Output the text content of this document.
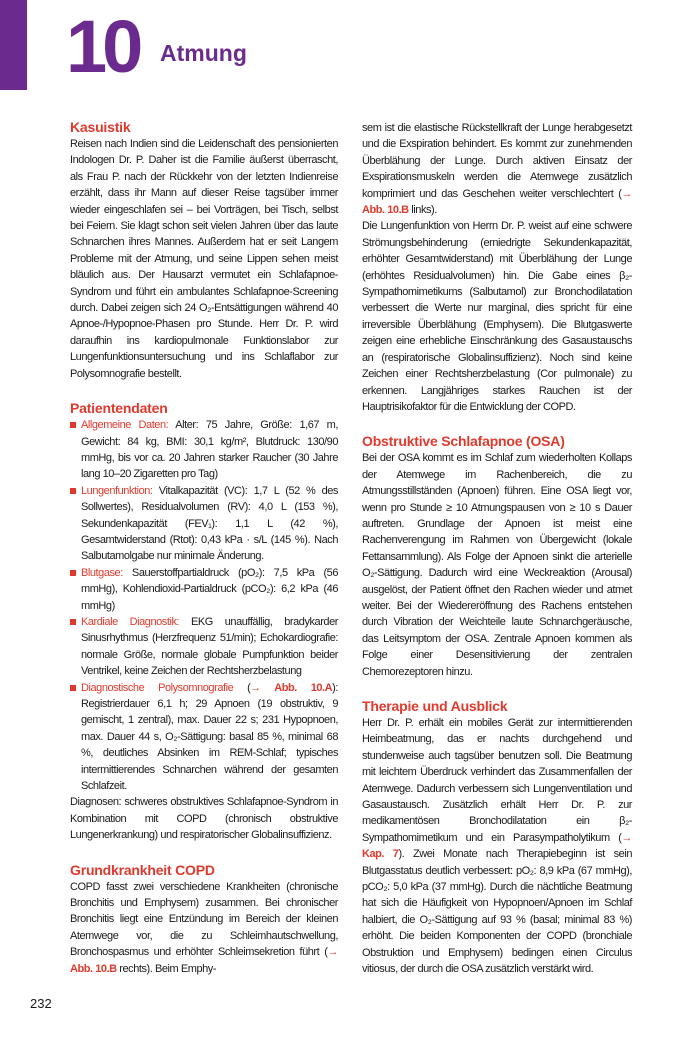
10 Atmung
Kasuistik

Reisen nach Indien sind die Leidenschaft des pensionierten Indologen Dr. P. Daher ist die Familie äußerst überrascht, als Frau P. nach der Rückkehr von der letzten Indienreise erzählt, dass ihr Mann auf dieser Reise tagsüber immer wieder eingeschlafen sei – bei Vorträgen, bei Tisch, selbst bei Feiern. Sie klagt schon seit vielen Jahren über das laute Schnarchen ihres Mannes. Außerdem hat er seit Langem Probleme mit der Atmung, und seine Lippen sehen meist bläulich aus. Der Hausarzt vermutet ein Schlafapnoe-Syndrom und führt ein ambulantes Schlafapnoe-Screening durch. Dabei zeigen sich 24 O₂-Entsättigungen während 40 Apnoe-/Hypopnoe-Phasen pro Stunde. Herr Dr. P. wird daraufhin ins kardiopulmonale Funktionslabor zur Lungenfunktionsuntersuchung und ins Schlaflabor zur Polysomnografie bestellt.

Patientendaten
Allgemeine Daten: Alter: 75 Jahre, Größe: 1,67 m, Gewicht: 84 kg, BMI: 30,1 kg/m², Blutdruck: 130/90 mmHg, bis vor ca. 20 Jahren starker Raucher (30 Jahre lang 10–20 Zigaretten pro Tag)
Lungenfunktion: Vitalkapazität (VC): 1,7 L (52 % des Sollwertes), Residualvolumen (RV): 4,0 L (153 %), Sekundenkapazität (FEV₁): 1,1 L (42 %), Gesamtwiderstand (Rtot): 0,43 kPa · s/L (145 %). Nach Salbutamolgabe nur minimale Änderung.
Blutgase: Sauerstoffpartialdruck (pO₂): 7,5 kPa (56 mmHg), Kohlendioxid-Partialdruck (pCO₂): 6,2 kPa (46 mmHg)
Kardiale Diagnostik: EKG unauffällig, bradykarder Sinusrhythmus (Herzfrequenz 51/min); Echokardiografie: normale Größe, normale globale Pumpfunktion beider Ventrikel, keine Zeichen der Rechtsherzbelastung
Diagnostische Polysomnografie (→ Abb. 10.A): Registrierdauer 6,1 h; 29 Apnoen (19 obstruktiv, 9 gemischt, 1 zentral), max. Dauer 22 s; 231 Hypopnoen, max. Dauer 44 s, O₂-Sättigung: basal 85 %, minimal 68 %, deutliches Absinken im REM-Schlaf; typisches intermittierendes Schnarchen während der gesamten Schlafzeit.

Diagnosen: schweres obstruktives Schlafapnoe-Syndrom in Kombination mit COPD (chronisch obstruktive Lungenerkrankung) und respiratorischer Globalinsuffizienz.

Grundkrankheit COPD

COPD fasst zwei verschiedene Krankheiten (chronische Bronchitis und Emphysem) zusammen. Bei chronischer Bronchitis liegt eine Entzündung im Bereich der kleinen Atemwege vor, die zu Schleimhautschwellung, Bronchospasmus und erhöhter Schleimsekretion führt (→ Abb. 10.B rechts). Beim Emphy-

sem ist die elastische Rückstellkraft der Lunge herabgesetzt und die Exspiration behindert. Es kommt zur zunehmenden Überblähung der Lunge. Durch aktiven Einsatz der Exspirationsmuskeln werden die Atemwege zusätzlich komprimiert und das Geschehen weiter verschlechtert (→ Abb. 10.B links).

Die Lungenfunktion von Herrn Dr. P. weist auf eine schwere Strömungsbehinderung (erniedrigte Sekundenkapazität, erhöhter Gesamtwiderstand) mit Überblähung der Lunge (erhöhtes Residualvolumen) hin. Die Gabe eines β₂-Sympathomimetikums (Salbutamol) zur Bronchodilatation verbessert die Werte nur marginal, dies spricht für eine irreversible Überblähung (Emphysem). Die Blutgaswerte zeigen eine erhebliche Einschränkung des Gasaustauschs an (respiratorische Globalinsuffizienz). Noch sind keine Zeichen einer Rechtsherzbelastung (Cor pulmonale) zu erkennen. Langjähriges starkes Rauchen ist der Hauptrisikofaktor für die Entwicklung der COPD.

Obstruktive Schlafapnoe (OSA)

Bei der OSA kommt es im Schlaf zum wiederholten Kollaps der Atemwege im Rachenbereich, die zu Atmungsstillständen (Apnoen) führen. Eine OSA liegt vor, wenn pro Stunde ≥ 10 Atmungspausen von ≥ 10 s Dauer auftreten. Grundlage der Apnoen ist meist eine Rachenverengung im Rahmen von Übergewicht (lokale Fettansammlung). Als Folge der Apnoen sinkt die arterielle O₂-Sättigung. Dadurch wird eine Weckreaktion (Arousal) ausgelöst, der Patient öffnet den Rachen wieder und atmet weiter. Bei der Wiedereröffnung des Rachens entstehen durch Vibration der Weichteile laute Schnarchgeräusche, das Leitsymptom der OSA. Zentrale Apnoen kommen als Folge einer Desensitivierung der zentralen Chemorezeptoren hinzu.

Therapie und Ausblick

Herr Dr. P. erhält ein mobiles Gerät zur intermittierenden Heimbeatmung, das er nachts durchgehend und stundenweise auch tagsüber benutzen soll. Die Beatmung mit leichtem Überdruck verhindert das Zusammenfallen der Atemwege. Dadurch verbessern sich Lungenventilation und Gasaustausch. Zusätzlich erhält Herr Dr. P. zur medikamentösen Bronchodilatation ein β₂-Sympathomimetikum und ein Parasympatholytikum (→ Kap. 7). Zwei Monate nach Therapiebeginn ist sein Blutgasstatus deutlich verbessert: pO₂: 8,9 kPa (67 mmHg), pCO₂: 5,0 kPa (37 mmHg). Durch die nächtliche Beatmung hat sich die Häufigkeit von Hypopnoen/Apnoen im Schlaf halbiert, die O₂-Sättigung auf 93 % (basal; minimal 83 %) erhöht. Die beiden Komponenten der COPD (bronchiale Obstruktion und Emphysem) bedingen einen Circulus vitiosus, der durch die OSA zusätzlich verstärkt wird.

232
